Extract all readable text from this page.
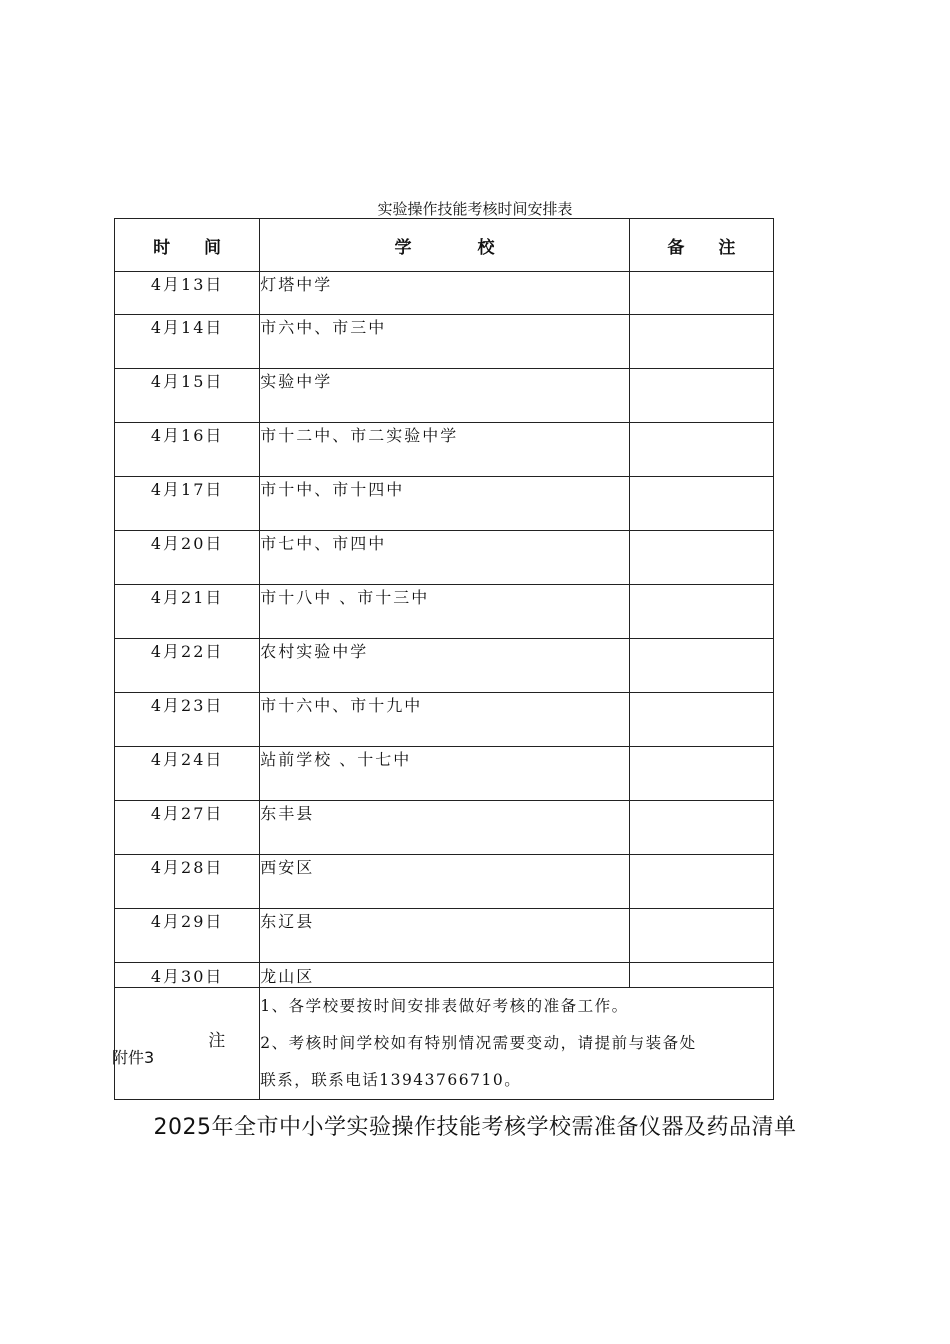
实验操作技能考核时间安排表
时 间	学 校	备 注
4月13日	灯塔中学	
4月14日	市六中、市三中	
4月15日	实验中学	
4月16日	市十二中、市二实验中学	
4月17日	市十中、市十四中	
4月20日	市七中、市四中	
4月21日	市十八中 、市十三中	
4月22日	农村实验中学	
4月23日	市十六中、市十九中	
4月24日	站前学校 、十七中	
4月27日	东丰县	
4月28日	西安区	
4月29日	东辽县	
4月30日	龙山区	

注	1、各学校要按时间安排表做好考核的准备工作。
2、考核时间学校如有特别情况需要变动，请提前与装备处
联系，联系电话13943766710。	
附件3
2025年全市中小学实验操作技能考核学校需准备仪器及药品清单
